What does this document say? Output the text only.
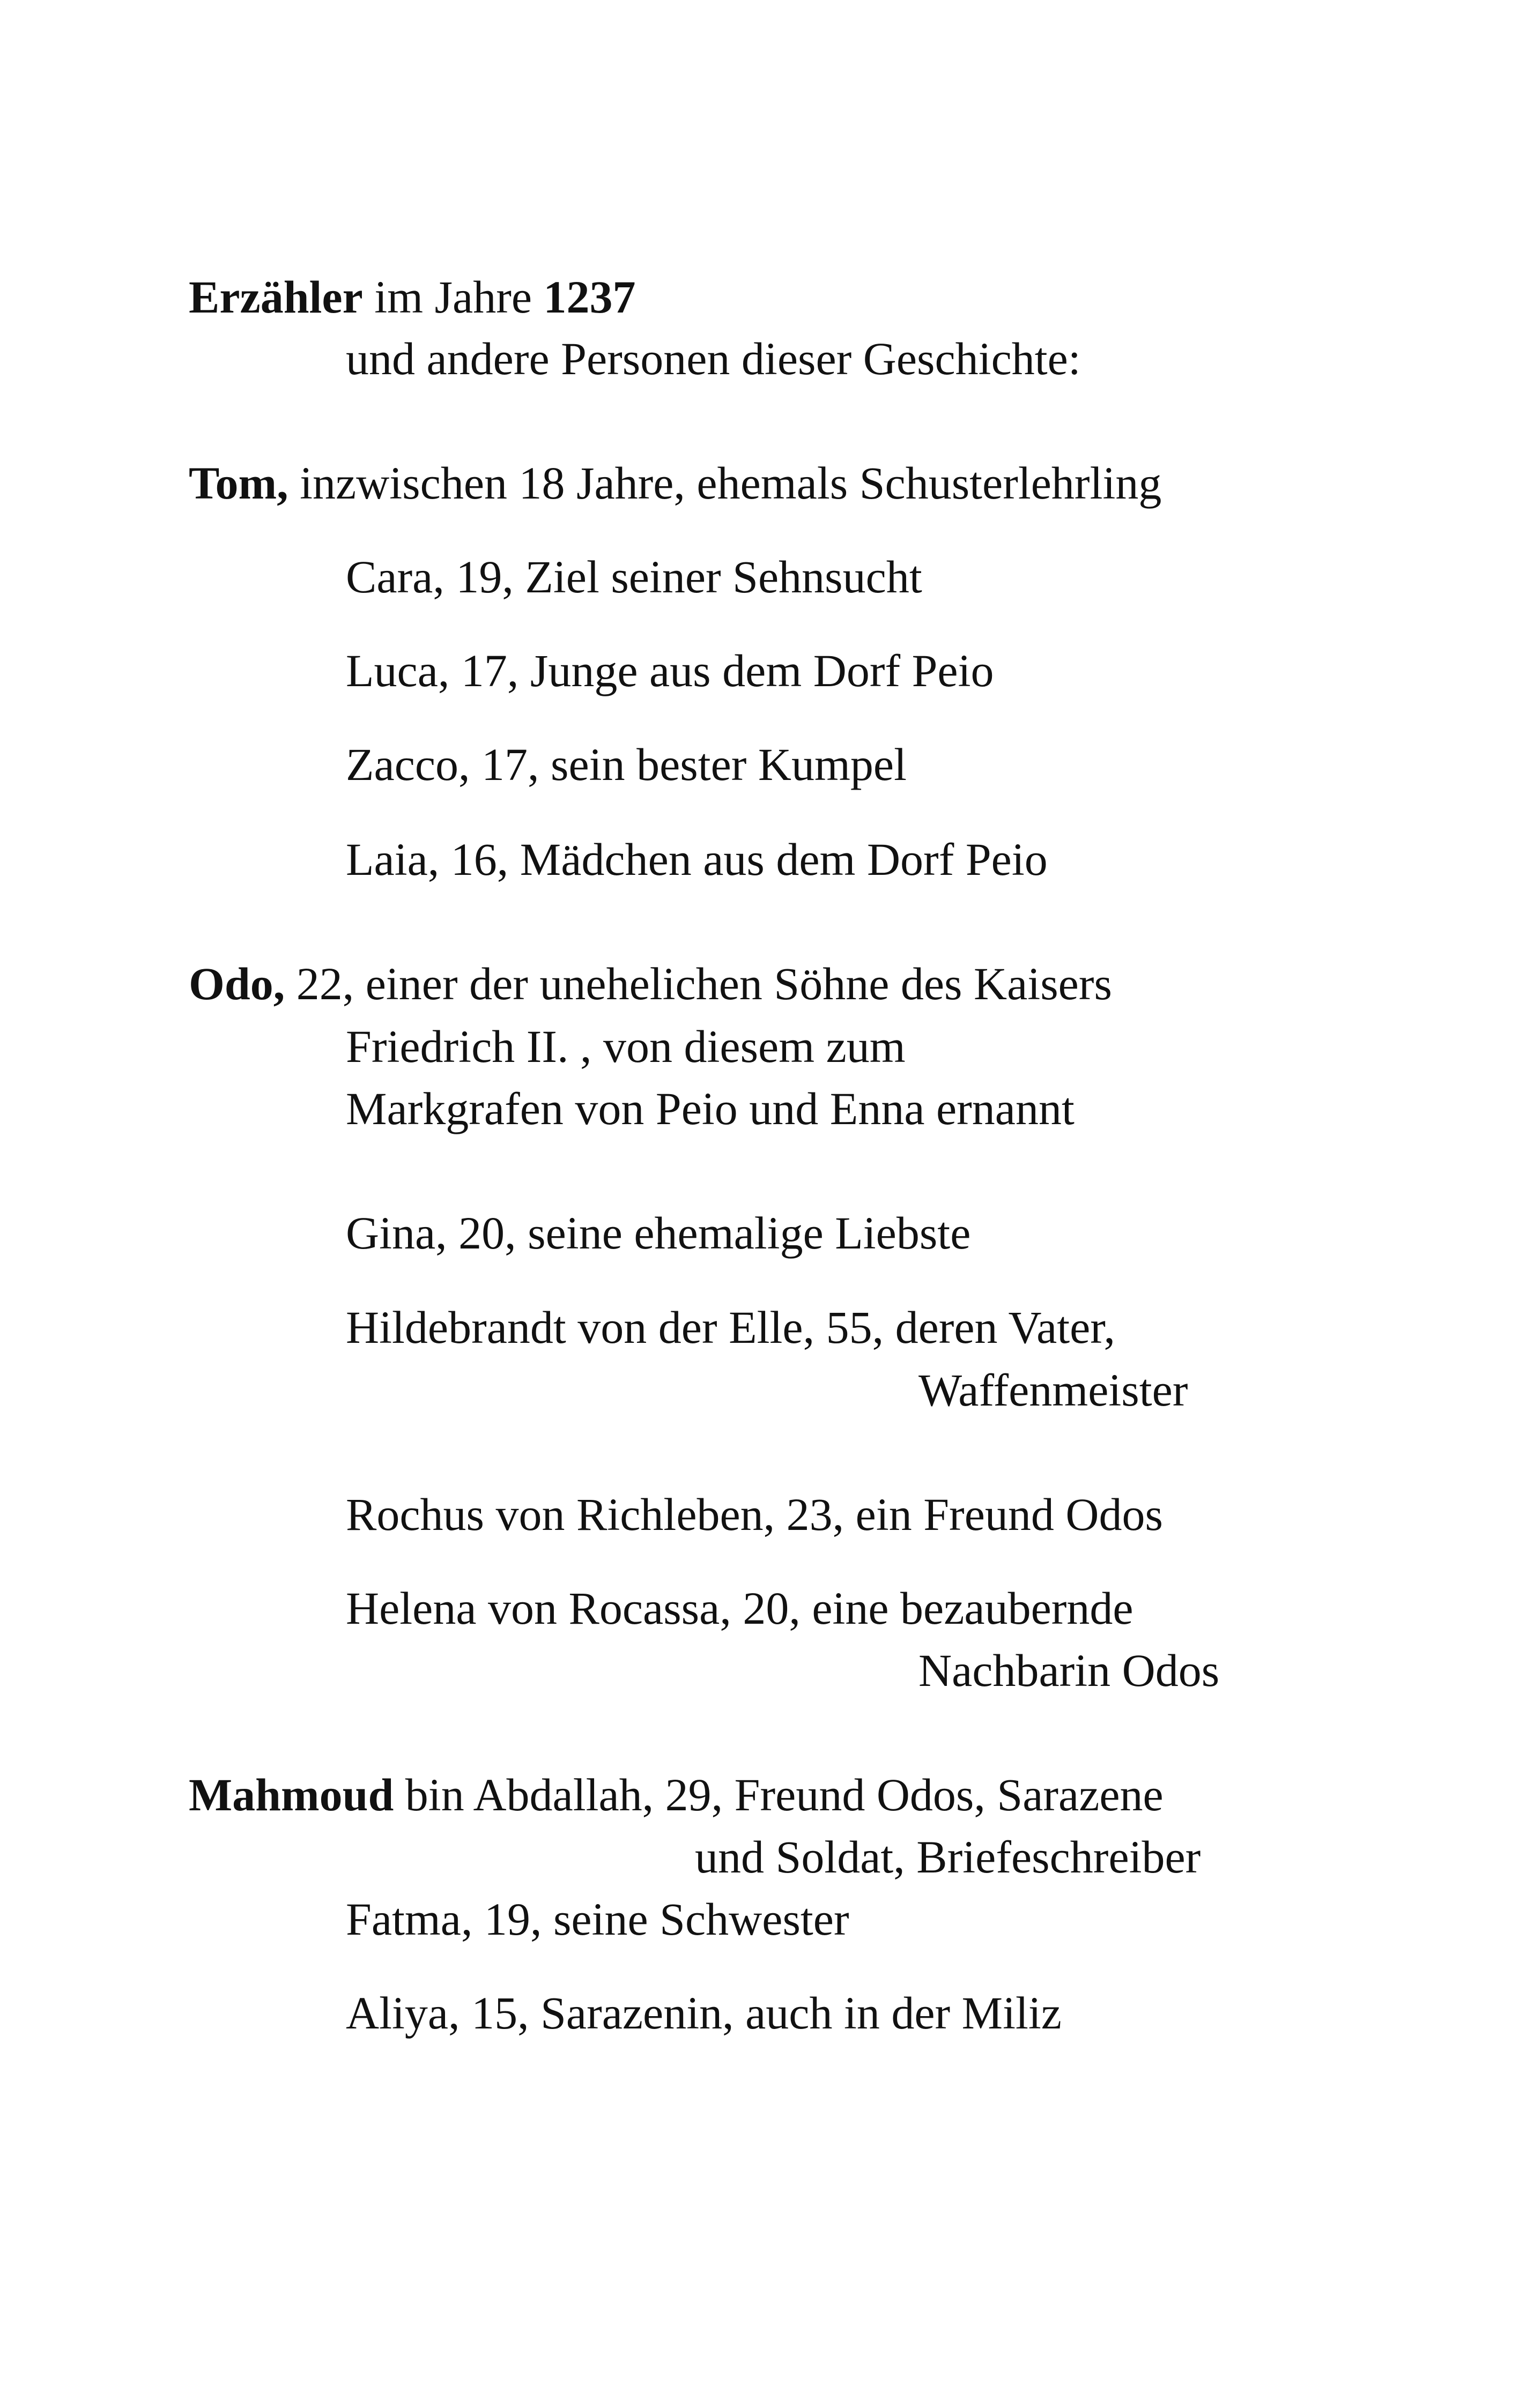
Erzähler im Jahre 1237
und andere Personen dieser Geschichte:
Tom, inzwischen 18 Jahre, ehemals Schusterlehrling
Cara, 19, Ziel seiner Sehnsucht
Luca, 17, Junge aus dem Dorf Peio
Zacco, 17, sein bester Kumpel
Laia, 16, Mädchen aus dem Dorf Peio
Odo, 22, einer der unehelichen Söhne des Kaisers
Friedrich II. , von diesem zum
Markgrafen von Peio und Enna ernannt
Gina, 20, seine ehemalige Liebste
Hildebrandt von der Elle, 55, deren Vater,
Waffenmeister
Rochus von Richleben, 23, ein Freund Odos
Helena von Rocassa, 20, eine bezaubernde
Nachbarin Odos
Mahmoud bin Abdallah, 29, Freund Odos, Sarazene
und Soldat, Briefeschreiber
Fatma, 19, seine Schwester
Aliya, 15, Sarazenin, auch in der Miliz
